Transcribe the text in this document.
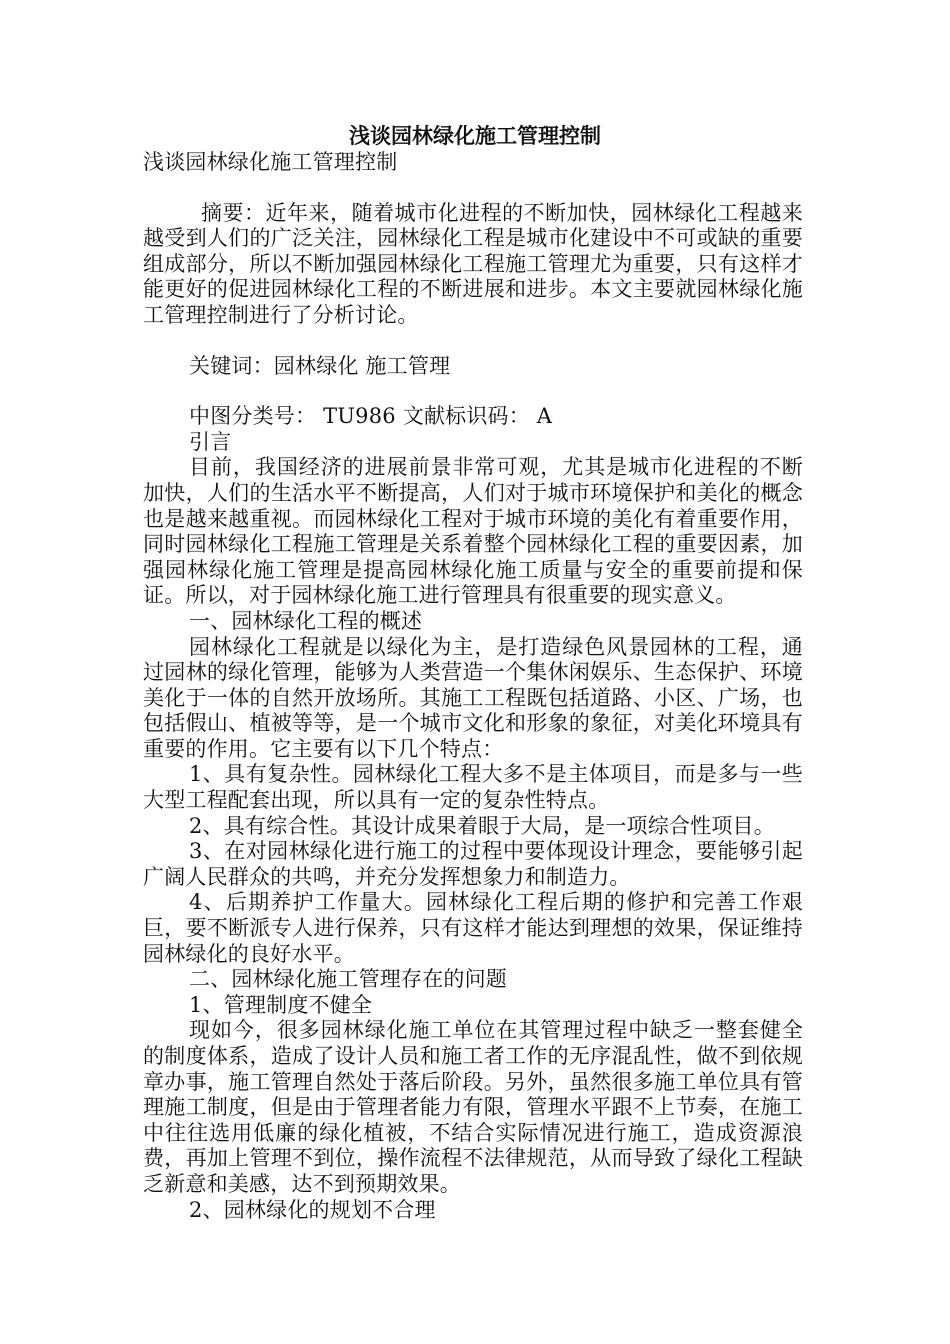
浅谈园林绿化施工管理控制

浅谈园林绿化施工管理控制

摘要：近年来，随着城市化进程的不断加快，园林绿化工程越来越受到人们的广泛关注，园林绿化工程是城市化建设中不可或缺的重要组成部分，所以不断加强园林绿化工程施工管理尤为重要，只有这样才能更好的促进园林绿化工程的不断进展和进步。本文主要就园林绿化施工管理控制进行了分析讨论。

关键词：园林绿化 施工管理

中图分类号： TU986 文献标识码： A

引言

目前，我国经济的进展前景非常可观，尤其是城市化进程的不断加快，人们的生活水平不断提高，人们对于城市环境保护和美化的概念也是越来越重视。而园林绿化工程对于城市环境的美化有着重要作用，同时园林绿化工程施工管理是关系着整个园林绿化工程的重要因素，加强园林绿化施工管理是提高园林绿化施工质量与安全的重要前提和保证。所以，对于园林绿化施工进行管理具有很重要的现实意义。

一、园林绿化工程的概述

园林绿化工程就是以绿化为主，是打造绿色风景园林的工程，通过园林的绿化管理，能够为人类营造一个集休闲娱乐、生态保护、环境美化于一体的自然开放场所。其施工工程既包括道路、小区、广场，也包括假山、植被等等，是一个城市文化和形象的象征，对美化环境具有重要的作用。它主要有以下几个特点：

1、具有复杂性。园林绿化工程大多不是主体项目，而是多与一些大型工程配套出现，所以具有一定的复杂性特点。

2、具有综合性。其设计成果着眼于大局，是一项综合性项目。

3、在对园林绿化进行施工的过程中要体现设计理念，要能够引起广阔人民群众的共鸣，并充分发挥想象力和制造力。

4、后期养护工作量大。园林绿化工程后期的修护和完善工作艰巨，要不断派专人进行保养，只有这样才能达到理想的效果，保证维持园林绿化的良好水平。

二、园林绿化施工管理存在的问题

1、管理制度不健全

现如今，很多园林绿化施工单位在其管理过程中缺乏一整套健全的制度体系，造成了设计人员和施工者工作的无序混乱性，做不到依规章办事，施工管理自然处于落后阶段。另外，虽然很多施工单位具有管理施工制度，但是由于管理者能力有限，管理水平跟不上节奏，在施工中往往选用低廉的绿化植被，不结合实际情况进行施工，造成资源浪费，再加上管理不到位，操作流程不法律规范，从而导致了绿化工程缺乏新意和美感，达不到预期效果。

2、园林绿化的规划不合理
